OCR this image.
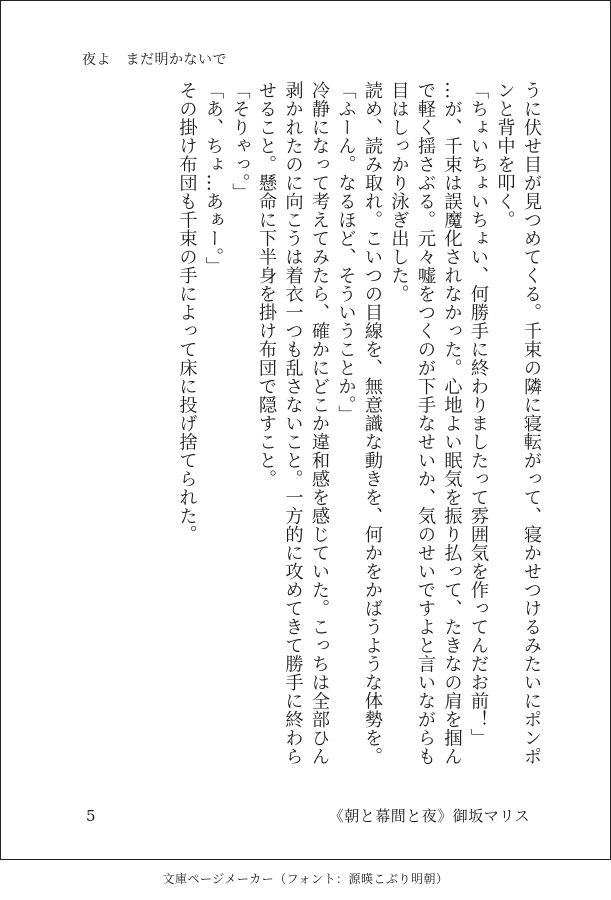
夜よ　まだ明かないで

うに伏せ目が見つめてくる。千束の隣に寝転がって、寝かせつけるみたいにポンポンと背中を叩く。

「ちょいちょいちょい、何勝手に終わりましたって雰囲気を作ってんだお前！」

…が、千束は誤魔化されなかった。心地よい眠気を振り払って、たきなの肩を掴んで軽く揺さぶる。元々嘘をつくのが下手なせいか、気のせいですよと言いながらも目はしっかり泳ぎ出した。

読め、読み取れ。こいつの目線を、無意識な動きを、何かをかばうような体勢を。

「ふーん。なるほど、そういうことか。」

冷静になって考えてみたら、確かにどこか違和感を感じていた。こっちは全部ひん剥かれたのに向こうは着衣一つも乱さないこと。一方的に攻めてきて勝手に終わらせること。懸命に下半身を掛け布団で隠すこと。

「そりゃっ。」

「あ、ちょ…あぁー。」

その掛け布団も千束の手によって床に投げ捨てられた。

5	《朝と幕間と夜》御坂マリス
文庫ページメーカー（フォント：源暎こぶり明朝）
